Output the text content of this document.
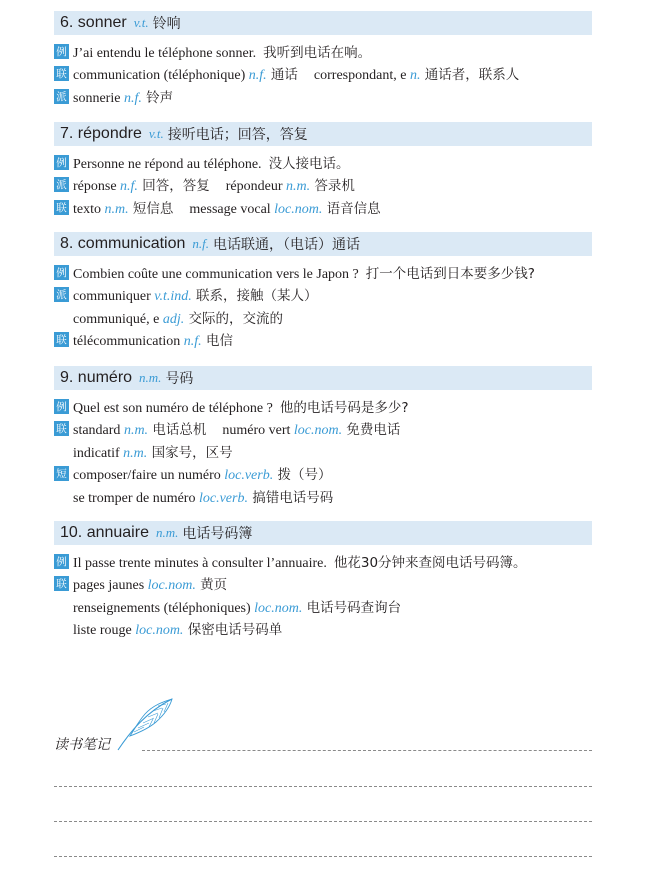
6. sonner v.t. 铃响
例 J’ai entendu le téléphone sonner.  我听到电话在响。
联 communication (téléphonique) n.f. 通话 correspondant, e n. 通话者，联系人
派 sonnerie n.f. 铃声
7. répondre v.t. 接听电话；回答，答复
例 Personne ne répond au téléphone.  没人接电话。
派 réponse n.f. 回答，答复 répondeur n.m. 答录机
联 texto n.m. 短信息 message vocal loc.nom. 语音信息
8. communication n.f. 电话联通，（电话）通话
例 Combien coûte une communication vers le Japon ?  打一个电话到日本要多少钱?
派 communiquer v.t.ind. 联系，接触（某人）
communiqué, e adj. 交际的，交流的
联 télécommunication n.f. 电信
9. numéro n.m. 号码
例 Quel est son numéro de téléphone ?  他的电话号码是多少?
联 standard n.m. 电话总机 numéro vert loc.nom. 免费电话
indicatif n.m. 国家号，区号
短 composer/faire un numéro loc.verb. 拨（号）
se tromper de numéro loc.verb. 搞错电话号码
10. annuaire n.m. 电话号码簿
例 Il passe trente minutes à consulter l’annuaire.  他花30分钟来查阅电话号码簿。
联 pages jaunes loc.nom. 黄页
renseignements (téléphoniques) loc.nom. 电话号码查询台
liste rouge loc.nom. 保密电话号码单
读书笔记
